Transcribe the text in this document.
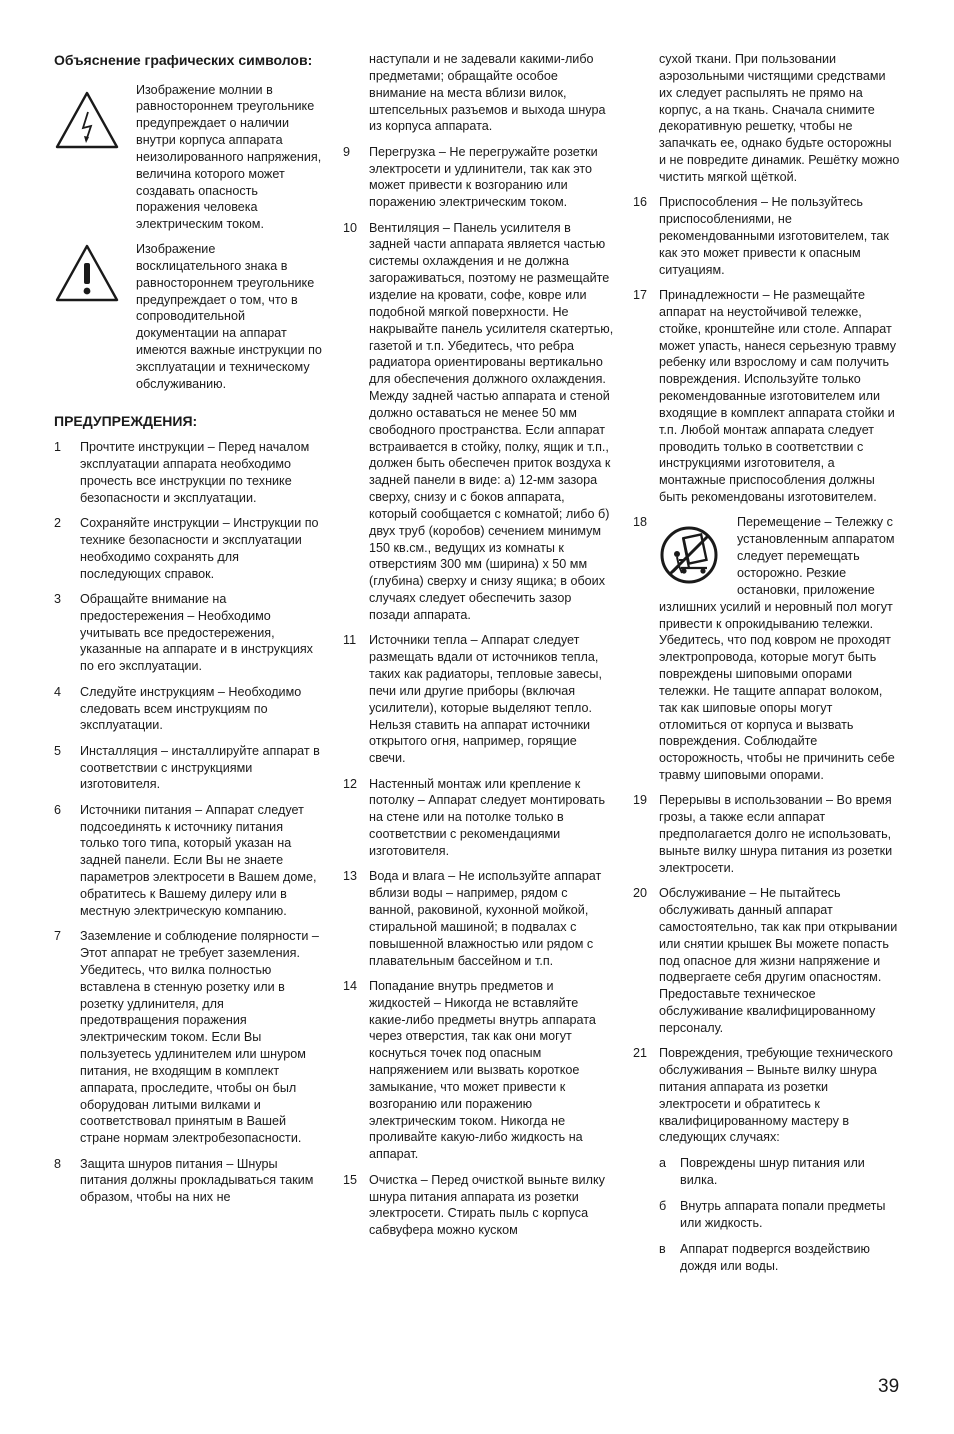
Объяснение графических символов:

Изображение молнии в равностороннем треугольнике предупреждает о наличии внутри корпуса аппарата неизолированного напряжения, величина которого может создавать опасность поражения человека электрическим током.

Изображение восклицательного знака в равностороннем треугольнике предупреждает о том, что в сопроводительной документации на аппарат имеются важные инструкции по эксплуатации и техническому обслуживанию.

ПРЕДУПРЕЖДЕНИЯ:
1	Прочтите инструкции – Перед началом эксплуатации аппарата необходимо прочесть все инструкции по технике безопасности и эксплуатации.
2	Сохраняйте инструкции – Инструкции по технике безопасности и эксплуатации необходимо сохранять для последующих справок.
3	Обращайте внимание на предостережения – Необходимо учитывать все предостережения, указанные на аппарате и в инструкциях по его эксплуатации.
4	Следуйте инструкциям – Необходимо следовать всем инструкциям по эксплуатации.
5	Инсталляция – инсталлируйте аппарат в соответствии с инструкциями изготовителя.
6	Источники питания – Аппарат следует подсоединять к источнику питания только того типа, который указан на задней панели. Если Вы не знаете параметров электросети в Вашем доме, обратитесь к Вашему дилеру или в местную электрическую компанию.
7	Заземление и соблюдение полярности – Этот аппарат не требует заземления. Убедитесь, что вилка полностью вставлена в стенную розетку или в розетку удлинителя, для предотвращения поражения электрическим током. Если Вы пользуетесь удлинителем или шнуром питания, не входящим в комплект аппарата, проследите, чтобы он был оборудован литыми вилками и соответствовал принятым в Вашей стране нормам электробезопасности.
8	Защита шнуров питания – Шнуры питания должны прокладываться таким образом, чтобы на них не
наступали и не задевали какими-либо предметами; обращайте особое внимание на места вблизи вилок, штепсельных разъемов и выхода шнура из корпуса аппарата.
9	Перегрузка – Не перегружайте розетки электросети и удлинители, так как это может привести к возгоранию или поражению электрическим током.
10 Вентиляция – Панель усилителя в задней части аппарата является частью системы охлаждения и не должна загораживаться, поэтому не размещайте изделие на кровати, софе, ковре или подобной мягкой поверхности. Не накрывайте панель усилителя скатертью, газетой и т.п. Убедитесь, что ребра радиатора ориентированы вертикально для обеспечения должного охлаждения. Между задней частью аппарата и стеной должно оставаться не менее 50 мм свободного пространства. Если аппарат встраивается в стойку, полку, ящик и т.п., должен быть обеспечен приток воздуха к задней панели в виде: а) 12-мм зазора сверху, снизу и с боков аппарата, который сообщается с комнатой; либо б) двух труб (коробов) сечением минимум 150 кв.см., ведущих из комнаты к отверстиям 300 мм (ширина) х 50 мм (глубина) сверху и снизу ящика; в обоих случаях следует обеспечить зазор позади аппарата.
11	Источники тепла – Аппарат следует размещать вдали от источников тепла, таких как радиаторы, тепловые завесы, печи или другие приборы (включая усилители), которые выделяют тепло. Нельзя ставить на аппарат источники открытого огня, например, горящие свечи.
12 Настенный монтаж или крепление к потолку – Аппарат следует монтировать на стене или на потолке только в соответствии с рекомендациями изготовителя.
13 Вода и влага – Не используйте аппарат вблизи воды – например, рядом с ванной, раковиной, кухонной мойкой, стиральной машиной; в подвалах с повышенной влажностью или рядом с плавательным бассейном и т.п.
14 Попадание внутрь предметов и жидкостей – Никогда не вставляйте какие-либо предметы внутрь аппарата через отверстия, так как они могут коснуться точек под опасным напряжением или вызвать короткое замыкание, что может привести к возгоранию или поражению электрическим током. Никогда не проливайте какую-либо жидкость на аппарат.
15 Очистка – Перед очисткой выньте вилку шнура питания аппарата из розетки электросети. Стирать пыль с корпуса сабвуфера можно куском
сухой ткани. При пользовании аэрозольными чистящими средствами их следует распылять не прямо на корпус, а на ткань. Сначала снимите декоративную решетку, чтобы не запачкать ее, однако будьте осторожны и не повредите динамик. Решётку можно чистить мягкой щёткой.
16 Приспособления – Не пользуйтесь приспособлениями, не рекомендованными изготовителем, так как это может привести к опасным ситуациям.
17 Принадлежности – Не размещайте аппарат на неустойчивой тележке, стойке, кронштейне или столе. Аппарат может упасть, нанеся серьезную травму ребенку или взрослому и сам получить повреждения. Используйте только рекомендованные изготовителем или входящие в комплект аппарата стойки и т.п. Любой монтаж аппарата следует проводить только в соответствии с инструкциями изготовителя, а монтажные приспособления должны быть рекомендованы изготовителем.
18	Перемещение – Тележку с установленным аппаратом следует перемещать осторожно. Резкие остановки, приложение излишних усилий и неровный пол могут привести к опрокидыванию тележки. Убедитесь, что под ковром не проходят электропровода, которые могут быть повреждены шиповыми опорами тележки. Не тащите аппарат волоком, так как шиповые опоры могут отломиться от корпуса и вызвать повреждения. Соблюдайте осторожность, чтобы не причинить себе травму шиповыми опорами.
19 Перерывы в использовании – Во время грозы, а также если аппарат предполагается долго не использовать, выньте вилку шнура питания из розетки электросети.
20 Обслуживание – Не пытайтесь обслуживать данный аппарат самостоятельно, так как при открывании или снятии крышек Вы можете попасть под опасное для жизни напряжение и подвергаете себя другим опасностям. Предоставьте техническое обслуживание квалифицированному персоналу.
21 Повреждения, требующие технического обслуживания – Выньте вилку шнура питания аппарата из розетки электросети и обратитесь к квалифицированному мастеру в следующих случаях:
a	Повреждены шнур питания или вилка.
б	Внутрь аппарата попали предметы или жидкость.
в	Аппарат подвергся воздействию дождя или воды.
39
